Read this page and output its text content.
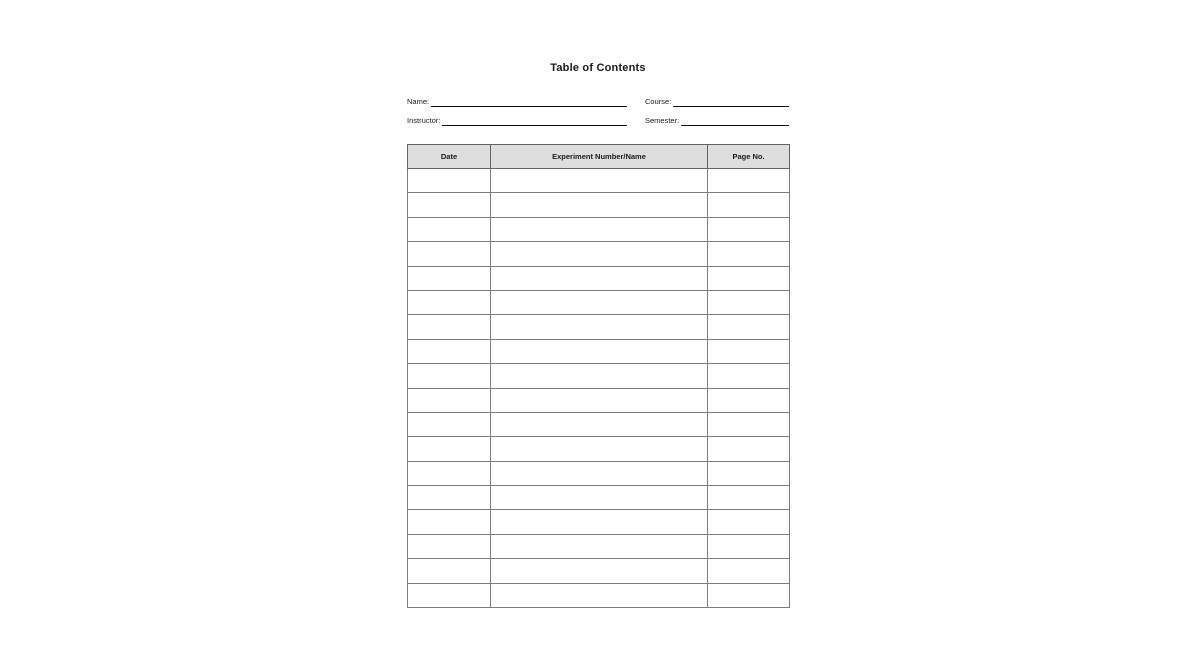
Table of Contents
Name:	Course:
Instructor:	Semester:
Date	Experiment Number/Name	Page No.
